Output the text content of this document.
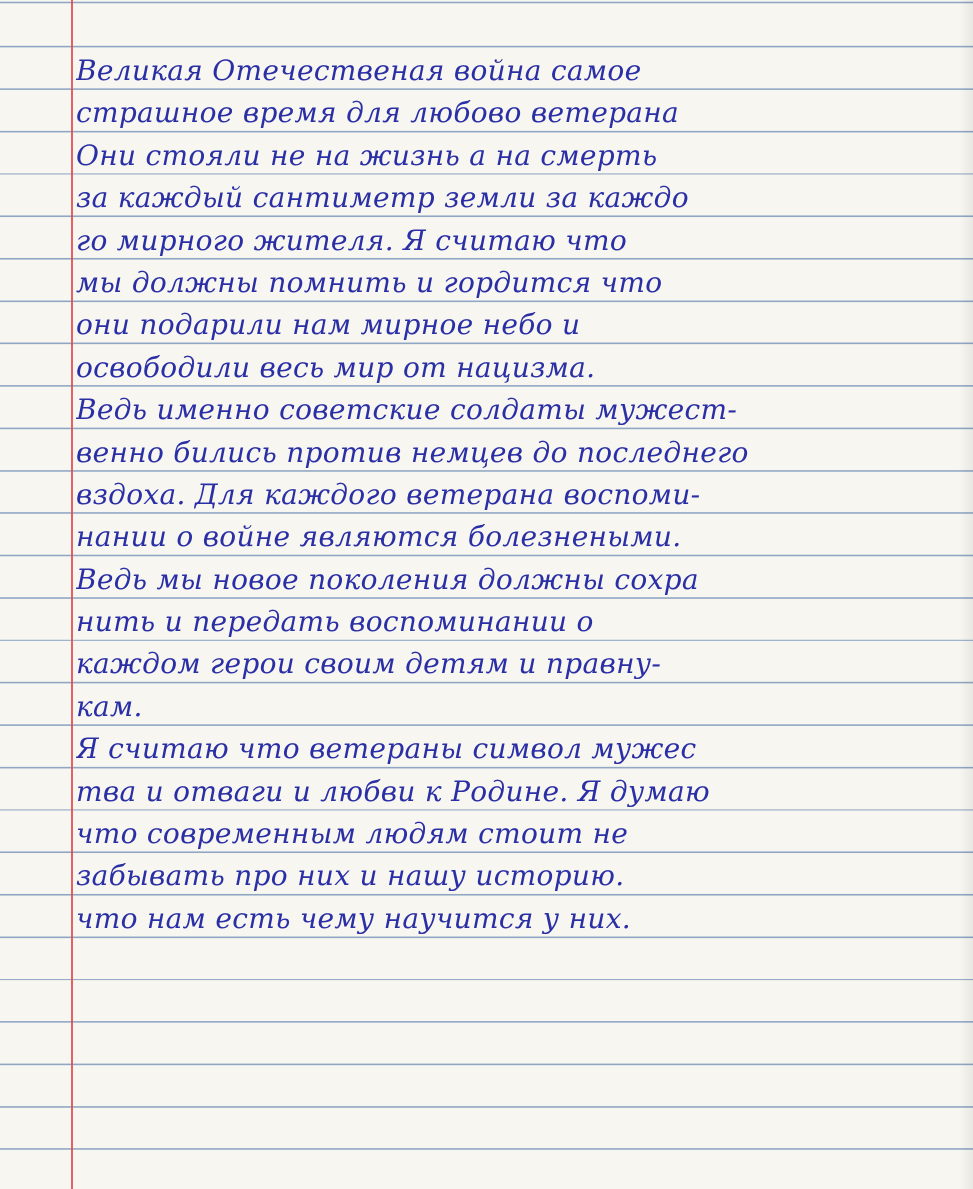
Великая Отечественая война самое
страшное время для любово ветерана
Они стояли не на жизнь а на смерть
за каждый сантиметр земли за каждо
го мирного жителя. Я считаю что
мы должны помнить и гордится что
они подарили нам мирное небо и
освободили весь мир от нацизма.
Ведь именно советские солдаты мужест-
венно бились против немцев до последнего
вздоха. Для каждого ветерана воспоми-
нании о войне являются болезнеными.
Ведь мы новое поколения должны сохра
нить и передать воспоминании о
каждом герои своим детям и правну-
кам.
Я считаю что ветераны символ мужес
тва и отваги и любви к Родине. Я думаю
что современным людям стоит не
забывать про них и нашу историю.
что нам есть чему научится у них.
